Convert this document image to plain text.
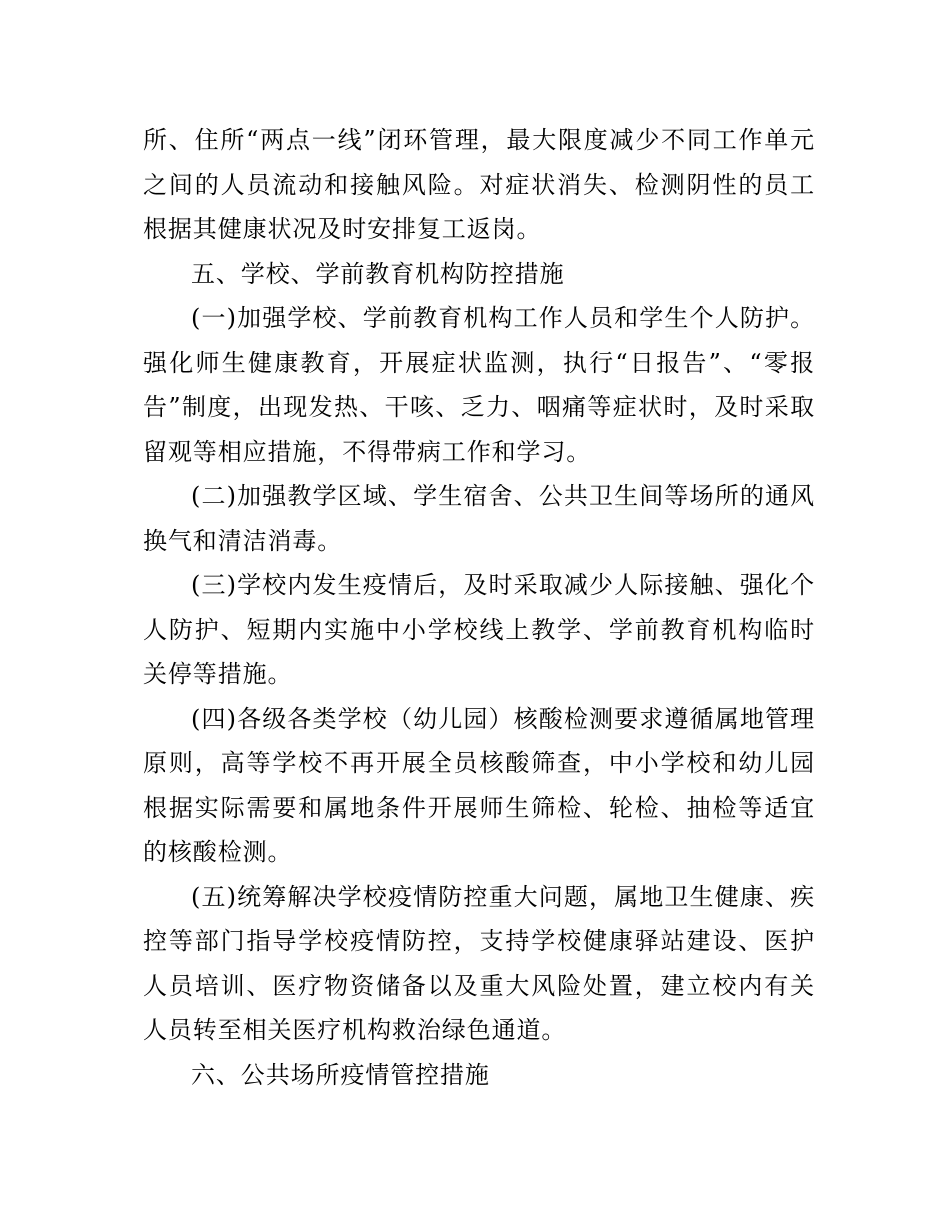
所、住所“两点一线”闭环管理，最大限度减少不同工作单元之间的人员流动和接触风险。对症状消失、检测阴性的员工根据其健康状况及时安排复工返岗。

五、学校、学前教育机构防控措施

(一)加强学校、学前教育机构工作人员和学生个人防护。强化师生健康教育，开展症状监测，执行“日报告”、“零报告”制度，出现发热、干咳、乏力、咽痛等症状时，及时采取留观等相应措施，不得带病工作和学习。

(二)加强教学区域、学生宿舍、公共卫生间等场所的通风换气和清洁消毒。

(三)学校内发生疫情后，及时采取减少人际接触、强化个人防护、短期内实施中小学校线上教学、学前教育机构临时关停等措施。

(四)各级各类学校（幼儿园）核酸检测要求遵循属地管理原则，高等学校不再开展全员核酸筛查，中小学校和幼儿园根据实际需要和属地条件开展师生筛检、轮检、抽检等适宜的核酸检测。

(五)统筹解决学校疫情防控重大问题，属地卫生健康、疾控等部门指导学校疫情防控，支持学校健康驿站建设、医护人员培训、医疗物资储备以及重大风险处置，建立校内有关人员转至相关医疗机构救治绿色通道。

六、公共场所疫情管控措施
